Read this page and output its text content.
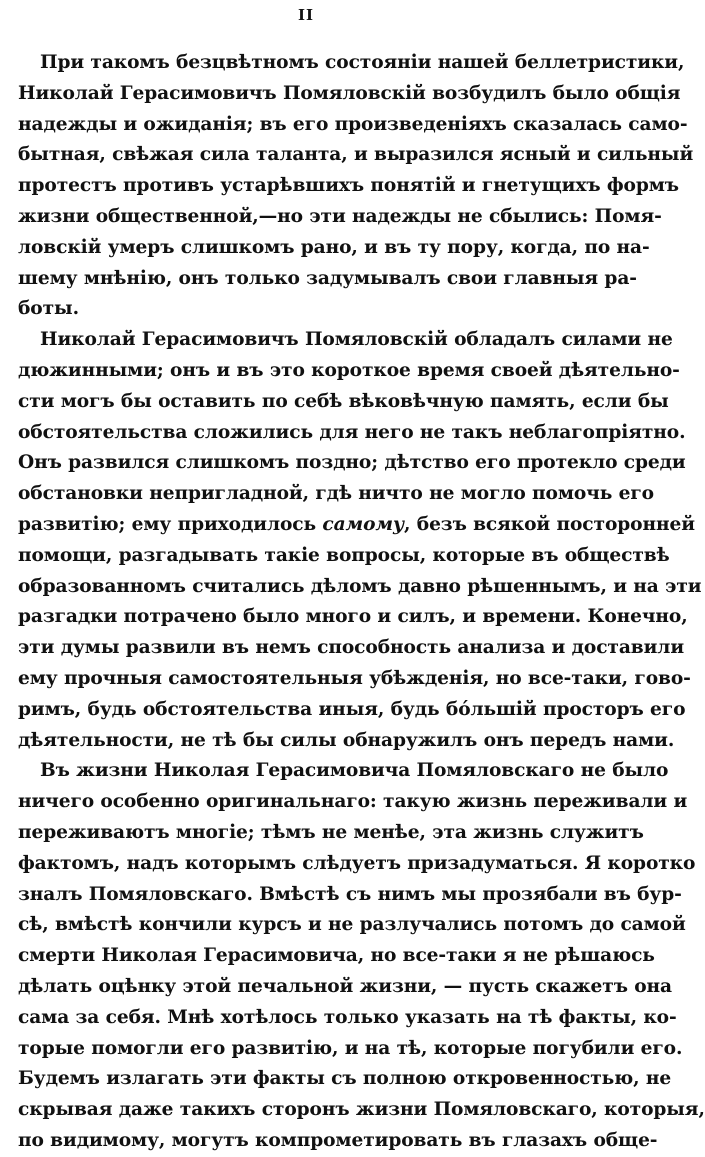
II
При такомъ безцвѣтномъ состояніи нашей беллетристики,
Николай Герасимовичъ Помяловскій возбудилъ было общія
надежды и ожиданія; въ его произведеніяхъ сказалась само-
бытная, свѣжая сила таланта, и выразился ясный и сильный
протестъ противъ устарѣвшихъ понятій и гнетущихъ формъ
жизни общественной,—но эти надежды не сбылись: Помя-
ловскій умеръ слишкомъ рано, и въ ту пору, когда, по на-
шему мнѣнію, онъ только задумывалъ свои главныя ра-
боты.
Николай Герасимовичъ Помяловскій обладалъ силами не
дюжинными; онъ и въ это короткое время своей дѣятельно-
сти могъ бы оставить по себѣ вѣковѣчную память, если бы
обстоятельства сложились для него не такъ неблагопріятно.
Онъ развился слишкомъ поздно; дѣтство его протекло среди
обстановки непригладной, гдѣ ничто не могло помочь его
развитію; ему приходилось самому, безъ всякой посторонней
помощи, разгадывать такіе вопросы, которые въ обществѣ
образованномъ считались дѣломъ давно рѣшеннымъ, и на эти
разгадки потрачено было много и силъ, и времени. Конечно,
эти думы развили въ немъ способность анализа и доставили
ему прочныя самостоятельныя убѣжденія, но все-таки, гово-
римъ, будь обстоятельства иныя, будь бóльшій просторъ его
дѣятельности, не тѣ бы силы обнаружилъ онъ передъ нами.
Въ жизни Николая Герасимовича Помяловскаго не было
ничего особенно оригинальнаго: такую жизнь переживали и
переживаютъ многіе; тѣмъ не менѣе, эта жизнь служитъ
фактомъ, надъ которымъ слѣдуетъ призадуматься. Я коротко
зналъ Помяловскаго. Вмѣстѣ съ нимъ мы прозябали въ бур-
сѣ, вмѣстѣ кончили курсъ и не разлучались потомъ до самой
смерти Николая Герасимовича, но все-таки я не рѣшаюсь
дѣлать оцѣнку этой печальной жизни, — пусть скажетъ она
сама за себя. Мнѣ хотѣлось только указать на тѣ факты, ко-
торые помогли его развитію, и на тѣ, которые погубили его.
Будемъ излагать эти факты съ полною откровенностью, не
скрывая даже такихъ сторонъ жизни Помяловскаго, которыя,
по видимому, могутъ компрометировать въ глазахъ обще-
